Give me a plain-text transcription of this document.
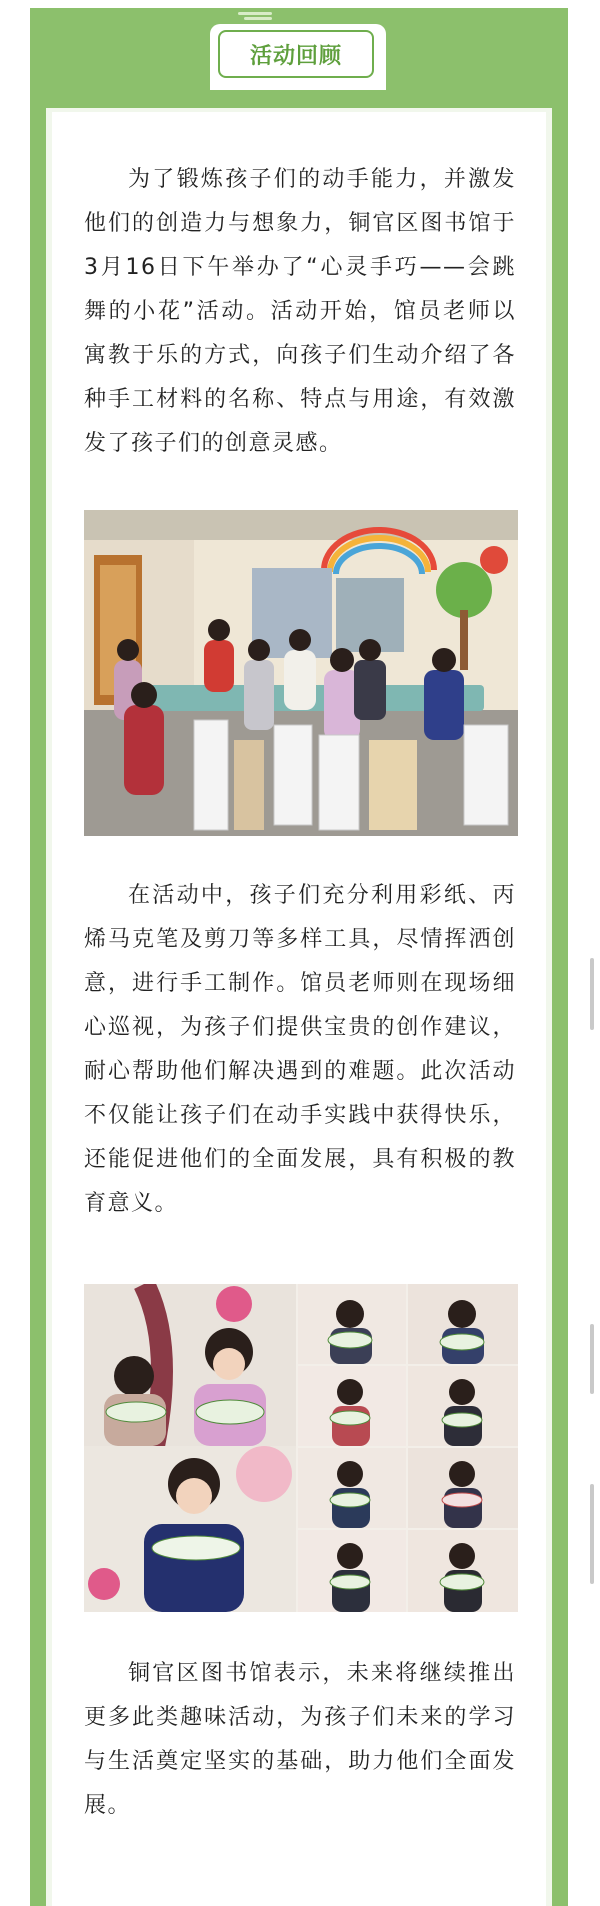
活动回顾

为了锻炼孩子们的动手能力，并激发他们的创造力与想象力，铜官区图书馆于3月16日下午举办了“心灵手巧——会跳舞的小花”活动。活动开始，馆员老师以寓教于乐的方式，向孩子们生动介绍了各种手工材料的名称、特点与用途，有效激发了孩子们的创意灵感。

在活动中，孩子们充分利用彩纸、丙烯马克笔及剪刀等多样工具，尽情挥洒创意，进行手工制作。馆员老师则在现场细心巡视，为孩子们提供宝贵的创作建议，耐心帮助他们解决遇到的难题。此次活动不仅能让孩子们在动手实践中获得快乐，还能促进他们的全面发展，具有积极的教育意义。

铜官区图书馆表示，未来将继续推出更多此类趣味活动，为孩子们未来的学习与生活奠定坚实的基础，助力他们全面发展。
